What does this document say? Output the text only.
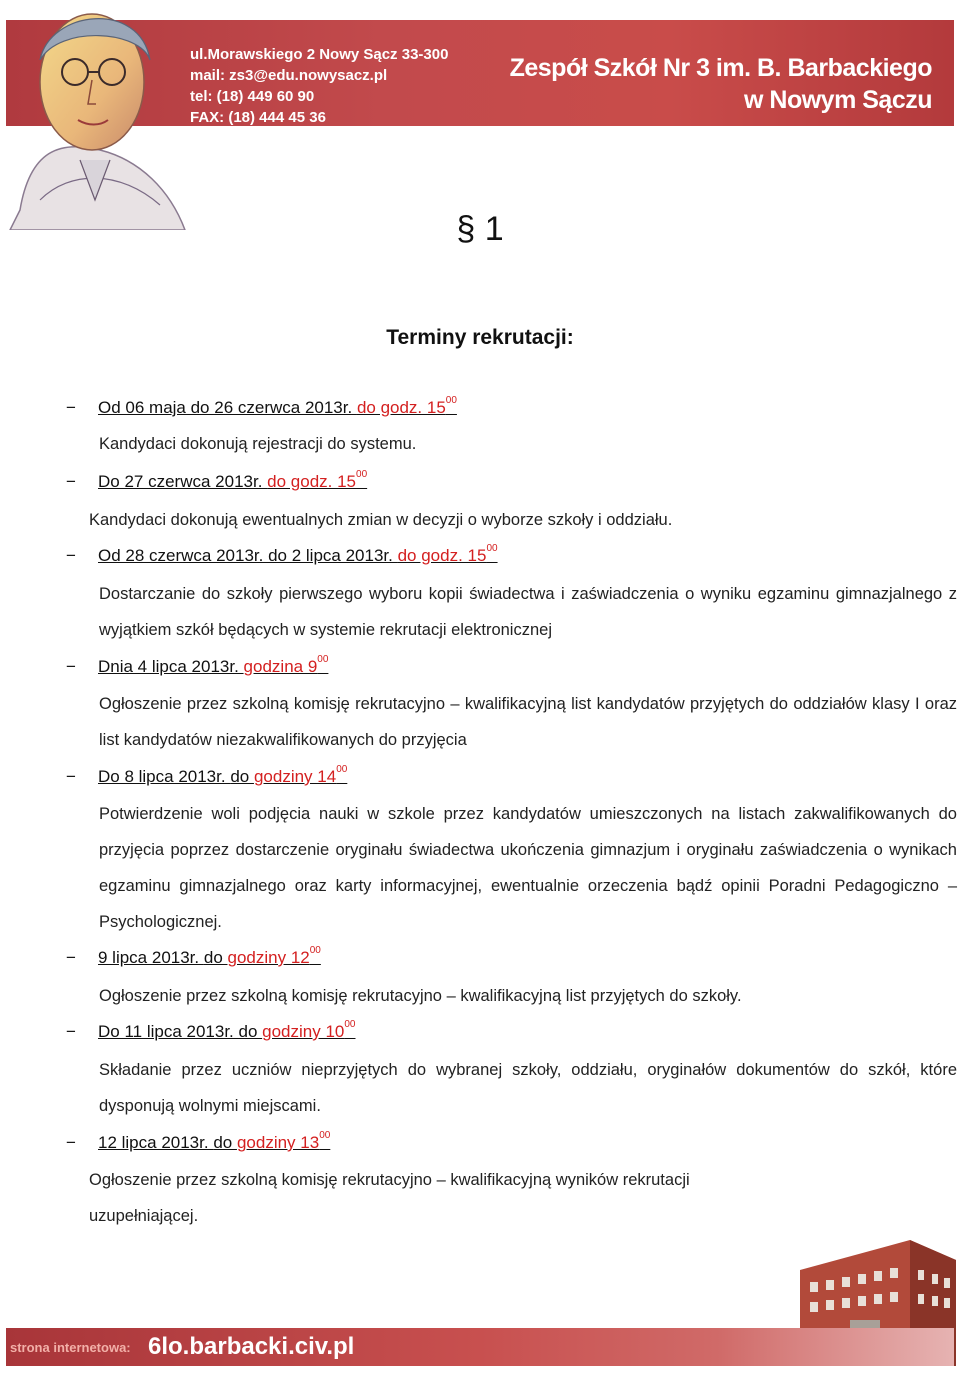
ul.Morawskiego 2 Nowy Sącz 33-300
mail: zs3@edu.nowysacz.pl
tel: (18) 449 60 90
FAX: (18) 444 45 36
Zespół Szkół Nr 3 im. B. Barbackiego
w Nowym Sączu
§ 1
Terminy rekrutacji:
− Od 06 maja do 26 czerwca 2013r. do godz. $15^{00}$
Kandydaci dokonują rejestracji do systemu.
− Do 27 czerwca 2013r. do godz. $15^{00}$
Kandydaci dokonują ewentualnych zmian w decyzji o wyborze szkoły i oddziału.
− Od 28 czerwca 2013r. do 2 lipca 2013r. do godz. $15^{00}$
Dostarczanie do szkoły pierwszego wyboru kopii świadectwa i zaświadczenia o wyniku egzaminu gimnazjalnego z wyjątkiem szkół będących w systemie rekrutacji elektronicznej
− Dnia 4 lipca 2013r. godzina $9^{00}$
Ogłoszenie przez szkolną komisję rekrutacyjno – kwalifikacyjną list kandydatów przyjętych do oddziałów klasy I oraz list kandydatów niezakwalifikowanych do przyjęcia
− Do 8 lipca 2013r. do godziny $14^{00}$
Potwierdzenie woli podjęcia nauki w szkole przez kandydatów umieszczonych na listach zakwalifikowanych do przyjęcia poprzez dostarczenie oryginału świadectwa ukończenia gimnazjum i oryginału zaświadczenia o wynikach egzaminu gimnazjalnego oraz karty informacyjnej, ewentualnie orzeczenia bądź opinii Poradni Pedagogiczno – Psychologicznej.
− 9 lipca 2013r. do godziny $12^{00}$
Ogłoszenie przez szkolną komisję rekrutacyjno – kwalifikacyjną list przyjętych do szkoły.
− Do 11 lipca 2013r. do godziny $10^{00}$
Składanie przez uczniów nieprzyjętych do wybranej szkoły, oddziału, oryginałów dokumentów do szkół, które dysponują wolnymi miejscami.
− 12 lipca 2013r. do godziny $13^{00}$
Ogłoszenie przez szkolną komisję rekrutacyjno – kwalifikacyjną wyników rekrutacji uzupełniającej.
strona internetowa: 6lo.barbacki.civ.pl
